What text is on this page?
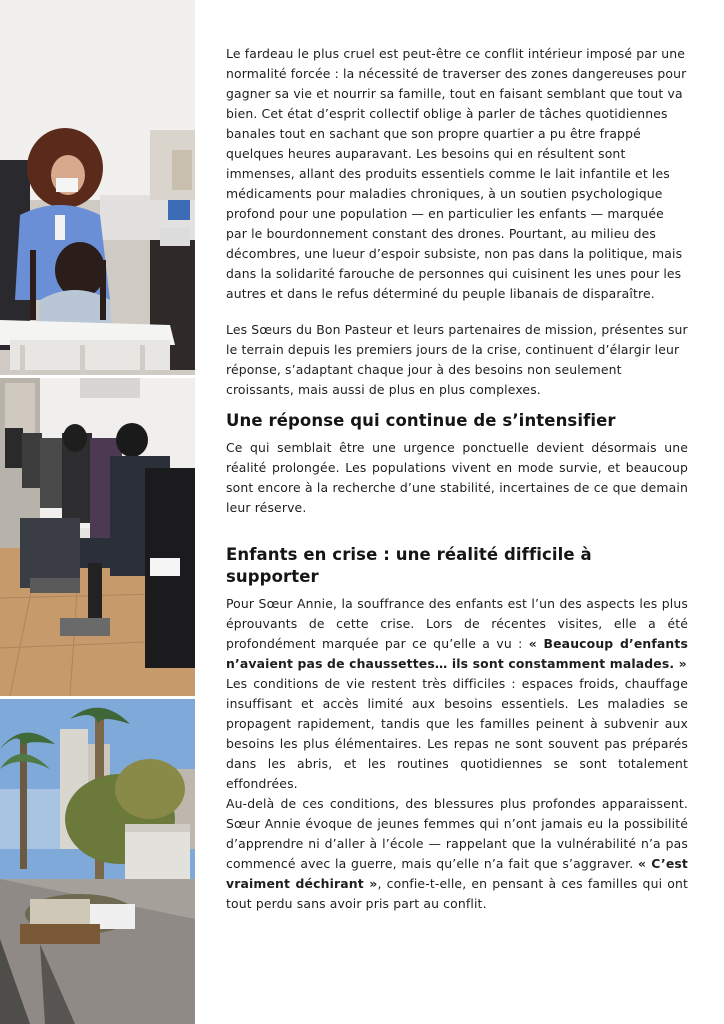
Le fardeau le plus cruel est peut-être ce conflit intérieur imposé par une normalité forcée : la nécessité de traverser des zones dangereuses pour gagner sa vie et nourrir sa famille, tout en faisant semblant que tout va bien. Cet état d’esprit collectif oblige à parler de tâches quotidiennes banales tout en sachant que son propre quartier a pu être frappé quelques heures auparavant. Les besoins qui en résultent sont immenses, allant des produits essentiels comme le lait infantile et les médicaments pour maladies chroniques, à un soutien psychologique profond pour une population — en particulier les enfants — marquée par le bourdonnement constant des drones. Pourtant, au milieu des décombres, une lueur d’espoir subsiste, non pas dans la politique, mais dans la solidarité farouche de personnes qui cuisinent les unes pour les autres et dans le refus déterminé du peuple libanais de disparaître.

Les Sœurs du Bon Pasteur et leurs partenaires de mission, présentes sur le terrain depuis les premiers jours de la crise, continuent d’élargir leur réponse, s’adaptant chaque jour à des besoins non seulement croissants, mais aussi de plus en plus complexes.

Une réponse qui continue de s’intensifier

Ce qui semblait être une urgence ponctuelle devient désormais une réalité prolongée. Les populations vivent en mode survie, et beaucoup sont encore à la recherche d’une stabilité, incertaines de ce que demain leur réserve.

Enfants en crise : une réalité difficile à supporter

Pour Sœur Annie, la souffrance des enfants est l’un des aspects les plus éprouvants de cette crise. Lors de récentes visites, elle a été profondément marquée par ce qu’elle a vu : « Beaucoup d’enfants n’avaient pas de chaussettes… ils sont constamment malades. »

Les conditions de vie restent très difficiles : espaces froids, chauffage insuffisant et accès limité aux besoins essentiels. Les maladies se propagent rapidement, tandis que les familles peinent à subvenir aux besoins les plus élémentaires. Les repas ne sont souvent pas préparés dans les abris, et les routines quotidiennes se sont totalement effondrées.

Au-delà de ces conditions, des blessures plus profondes apparaissent. Sœur Annie évoque de jeunes femmes qui n’ont jamais eu la possibilité d’apprendre ni d’aller à l’école — rappelant que la vulnérabilité n’a pas commencé avec la guerre, mais qu’elle n’a fait que s’aggraver. « C’est vraiment déchirant », confie-t-elle, en pensant à ces familles qui ont tout perdu sans avoir pris part au conflit.
